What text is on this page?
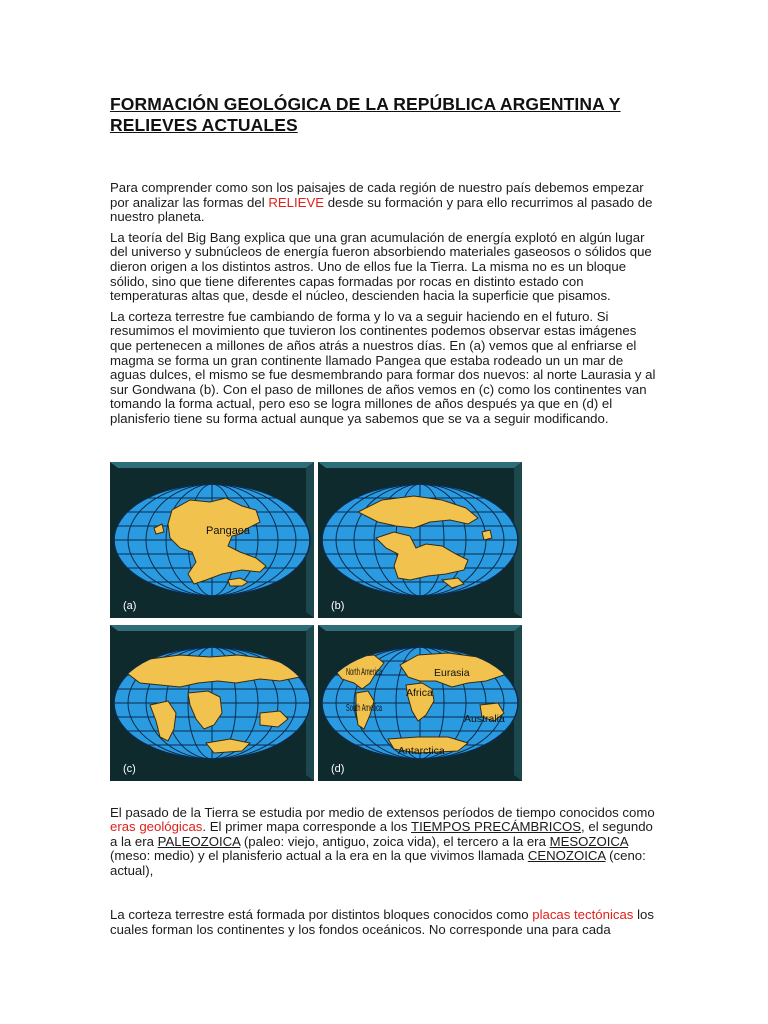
FORMACIÓN GEOLÓGICA DE LA REPÚBLICA ARGENTINA Y RELIEVES ACTUALES

Para comprender como son los paisajes de cada región de nuestro país debemos empezar por analizar las formas del RELIEVE desde su formación y para ello recurrimos al pasado de nuestro planeta.

La teoría del Big Bang explica que una gran acumulación de energía explotó en algún lugar del universo y subnúcleos de energía fueron absorbiendo materiales gaseosos o sólidos que dieron origen a los distintos astros. Uno de ellos fue la Tierra. La misma no es un bloque sólido, sino que tiene diferentes capas formadas por rocas en distinto estado con temperaturas altas que, desde el núcleo, descienden hacia la superficie que pisamos.

La corteza terrestre fue cambiando de forma y lo va a seguir haciendo en el futuro. Si resumimos el movimiento que tuvieron los continentes podemos observar estas imágenes que pertenecen a millones de años atrás a nuestros días. En (a) vemos que al enfriarse el magma se forma un gran continente llamado Pangea que estaba rodeado un un mar de aguas dulces, el mismo se fue desmembrando para formar dos nuevos: al norte Laurasia y al sur Gondwana (b). Con el paso de millones de años vemos en (c) como los continentes van tomando la forma actual, pero eso se logra millones de años después ya que en (d) el planisferio tiene su forma actual aunque ya sabemos que se va a seguir modificando.

Pangaea
(a)	(b)
(c)
North America	Eurasia
Africa
South America
Australia
Antarctica
(d)

El pasado de la Tierra se estudia por medio de extensos períodos de tiempo conocidos como eras geológicas. El primer mapa corresponde a los TIEMPOS PRECÁMBRICOS, el segundo a la era PALEOZOICA (paleo: viejo, antiguo, zoica vida), el tercero a la era MESOZOICA (meso: medio) y el planisferio actual a la era en la que vivimos llamada CENOZOICA (ceno: actual),

La corteza terrestre está formada por distintos bloques conocidos como placas tectónicas los cuales forman los continentes y los fondos oceánicos. No corresponde una para cada
